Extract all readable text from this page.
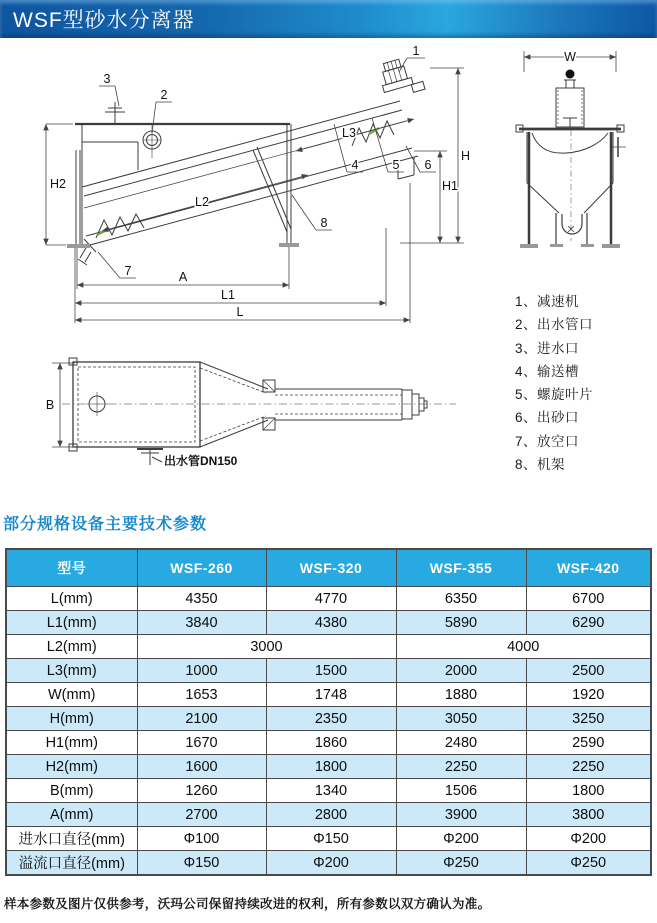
WSF型砂水分离器
H2
L2
L3
A
L1
L
H1
H
1
2
3
4	5 6
7
8
W
B
出水管DN150
1、减速机
2、出水管口
3、进水口
4、输送槽
5、螺旋叶片
6、出砂口
7、放空口
8、机架
部分规格设备主要技术参数
型号	WSF-260	WSF-320	WSF-355	WSF-420
L(mm)	4350	4770	6350	6700
L1(mm)	3840	4380	5890	6290
L2(mm)	3000		4000	
L3(mm)	1000	1500	2000	2500
W(mm)	1653	1748	1880	1920
H(mm)	2100	2350	3050	3250
H1(mm)	1670	1860	2480	2590
H2(mm)	1600	1800	2250	2250
B(mm)	1260	1340	1506	1800
A(mm)	2700	2800	3900	3800
进水口直径(mm)	Φ100	Φ150	Φ200	Φ200
溢流口直径(mm)	Φ150	Φ200	Φ250	Φ250
样本参数及图片仅供参考，沃玛公司保留持续改进的权利，所有参数以双方确认为准。
